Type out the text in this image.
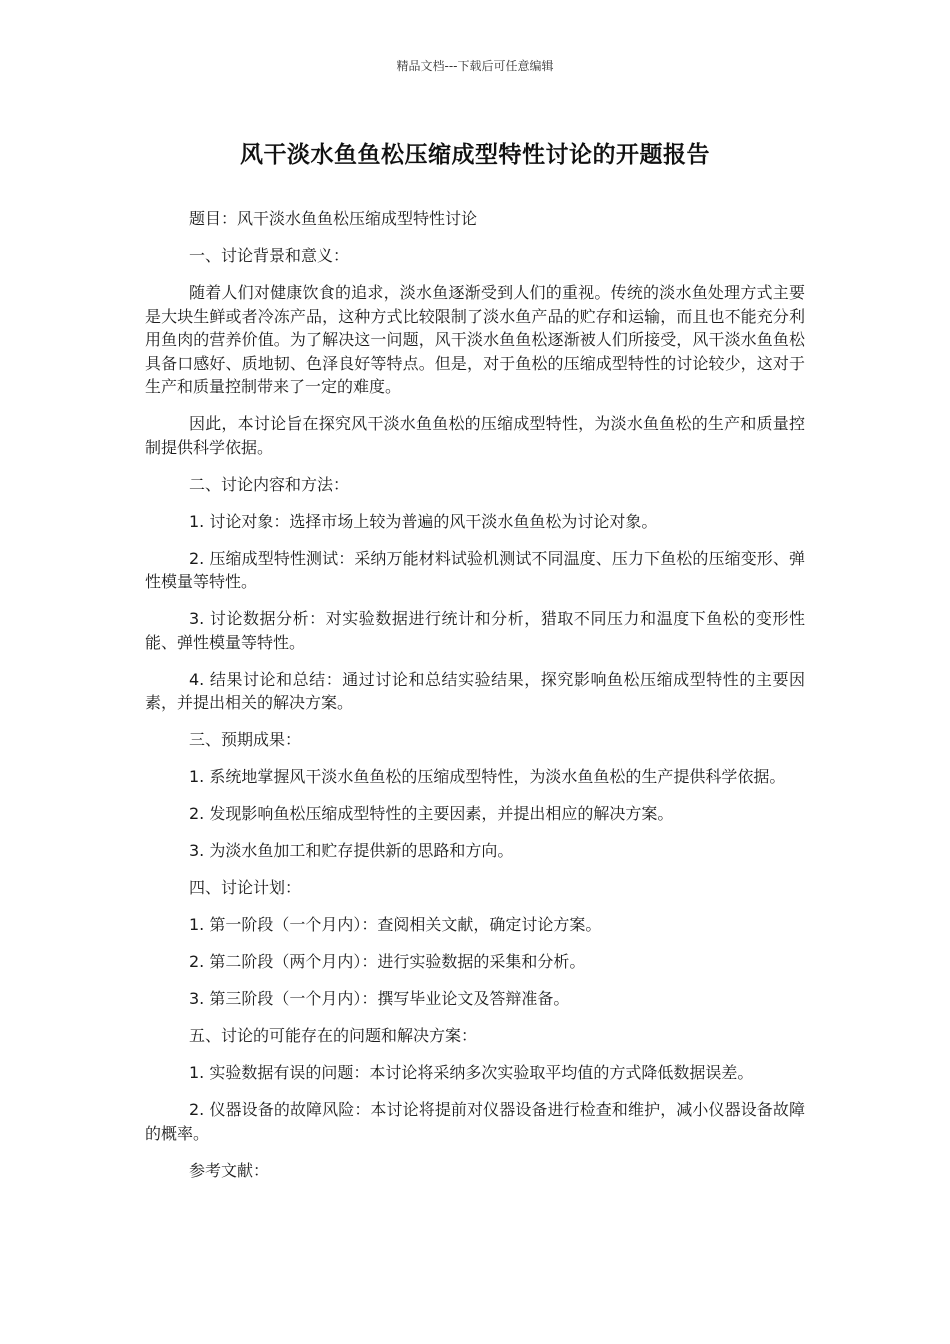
精品文档---下载后可任意编辑
风干淡水鱼鱼松压缩成型特性讨论的开题报告

题目：风干淡水鱼鱼松压缩成型特性讨论

一、讨论背景和意义：

随着人们对健康饮食的追求，淡水鱼逐渐受到人们的重视。传统的淡水鱼处理方式主要是大块生鲜或者冷冻产品，这种方式比较限制了淡水鱼产品的贮存和运输，而且也不能充分利用鱼肉的营养价值。为了解决这一问题，风干淡水鱼鱼松逐渐被人们所接受，风干淡水鱼鱼松具备口感好、质地韧、色泽良好等特点。但是，对于鱼松的压缩成型特性的讨论较少，这对于生产和质量控制带来了一定的难度。

因此，本讨论旨在探究风干淡水鱼鱼松的压缩成型特性，为淡水鱼鱼松的生产和质量控制提供科学依据。

二、讨论内容和方法：

1. 讨论对象：选择市场上较为普遍的风干淡水鱼鱼松为讨论对象。

2. 压缩成型特性测试：采纳万能材料试验机测试不同温度、压力下鱼松的压缩变形、弹性模量等特性。

3. 讨论数据分析：对实验数据进行统计和分析，猎取不同压力和温度下鱼松的变形性能、弹性模量等特性。

4. 结果讨论和总结：通过讨论和总结实验结果，探究影响鱼松压缩成型特性的主要因素，并提出相关的解决方案。

三、预期成果：

1. 系统地掌握风干淡水鱼鱼松的压缩成型特性，为淡水鱼鱼松的生产提供科学依据。

2. 发现影响鱼松压缩成型特性的主要因素，并提出相应的解决方案。

3. 为淡水鱼加工和贮存提供新的思路和方向。

四、讨论计划：

1. 第一阶段（一个月内）：查阅相关文献，确定讨论方案。

2. 第二阶段（两个月内）：进行实验数据的采集和分析。

3. 第三阶段（一个月内）：撰写毕业论文及答辩准备。

五、讨论的可能存在的问题和解决方案：

1. 实验数据有误的问题：本讨论将采纳多次实验取平均值的方式降低数据误差。

2. 仪器设备的故障风险：本讨论将提前对仪器设备进行检查和维护，减小仪器设备故障的概率。

参考文献：
